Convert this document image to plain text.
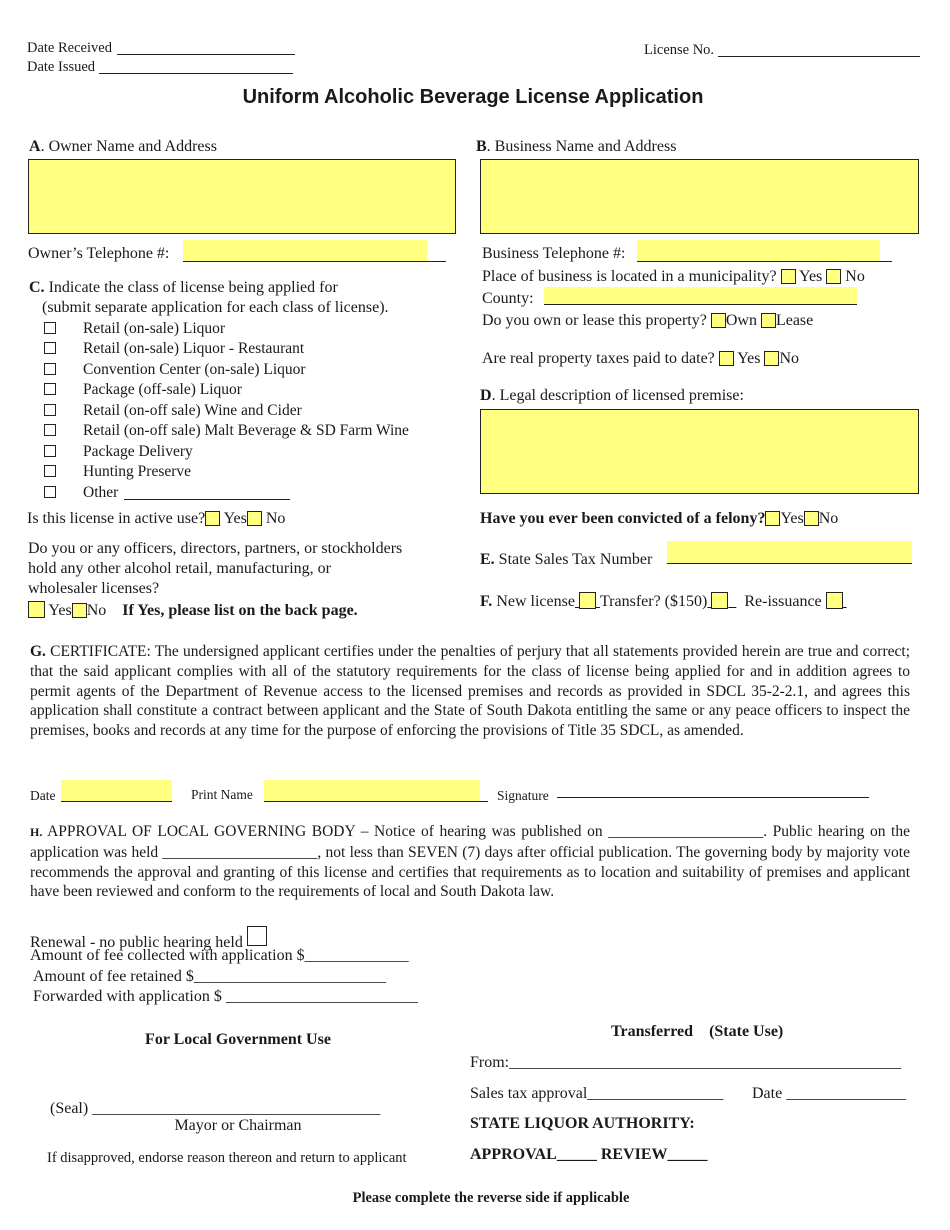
Date Received
Date Issued
License No.
Uniform Alcoholic Beverage License Application
A. Owner Name and Address
Owner’s Telephone #:
B. Business Name and Address
Business Telephone #:
Place of business is located in a municipality? Yes No
County:
Do you own or lease this property? Own Lease
Are real property taxes paid to date? Yes No
C. Indicate the class of license being applied for
(submit separate application for each class of license).
Retail (on-sale) Liquor
Retail (on-sale) Liquor - Restaurant
Convention Center (on-sale) Liquor
Package (off-sale) Liquor
Retail (on-off sale) Wine and Cider
Retail (on-off sale) Malt Beverage & SD Farm Wine
Package Delivery
Hunting Preserve
Other
Is this license in active use? Yes No
Do you or any officers, directors, partners, or stockholders
hold any other alcohol retail, manufacturing, or
wholesaler licenses?
Yes No If Yes, please list on the back page.
D. Legal description of licensed premise:
Have you ever been convicted of a felony? Yes No
E. State Sales Tax Number
F. New license Transfer? ($150) Re-issuance
G. CERTIFICATE: The undersigned applicant certifies under the penalties of perjury that all statements provided herein are true and correct; that the said applicant complies with all of the statutory requirements for the class of license being applied for and in addition agrees to permit agents of the Department of Revenue access to the licensed premises and records as provided in SDCL 35-2-2.1, and agrees this application shall constitute a contract between applicant and the State of South Dakota entitling the same or any peace officers to inspect the premises, books and records at any time for the purpose of enforcing the provisions of Title 35 SDCL, as amended.
Date	Print Name	Signature
H. APPROVAL OF LOCAL GOVERNING BODY – Notice of hearing was published on ____________________. Public hearing on the application was held ____________________, not less than SEVEN (7) days after official publication. The governing body by majority vote recommends the approval and granting of this license and certifies that requirements as to location and suitability of premises and applicant have been reviewed and conform to the requirements of local and South Dakota law.
Renewal - no public hearing held
Amount of fee collected with application $_____________
Amount of fee retained $________________________
Forwarded with application $ ________________________
For Local Government Use
(Seal) ____________________________________
Mayor or Chairman
If disapproved, endorse reason thereon and return to applicant
Transferred (State Use)
From:_________________________________________________
Sales tax approval_________________ Date _______________
STATE LIQUOR AUTHORITY:
APPROVAL_____ REVIEW_____
Please complete the reverse side if applicable
